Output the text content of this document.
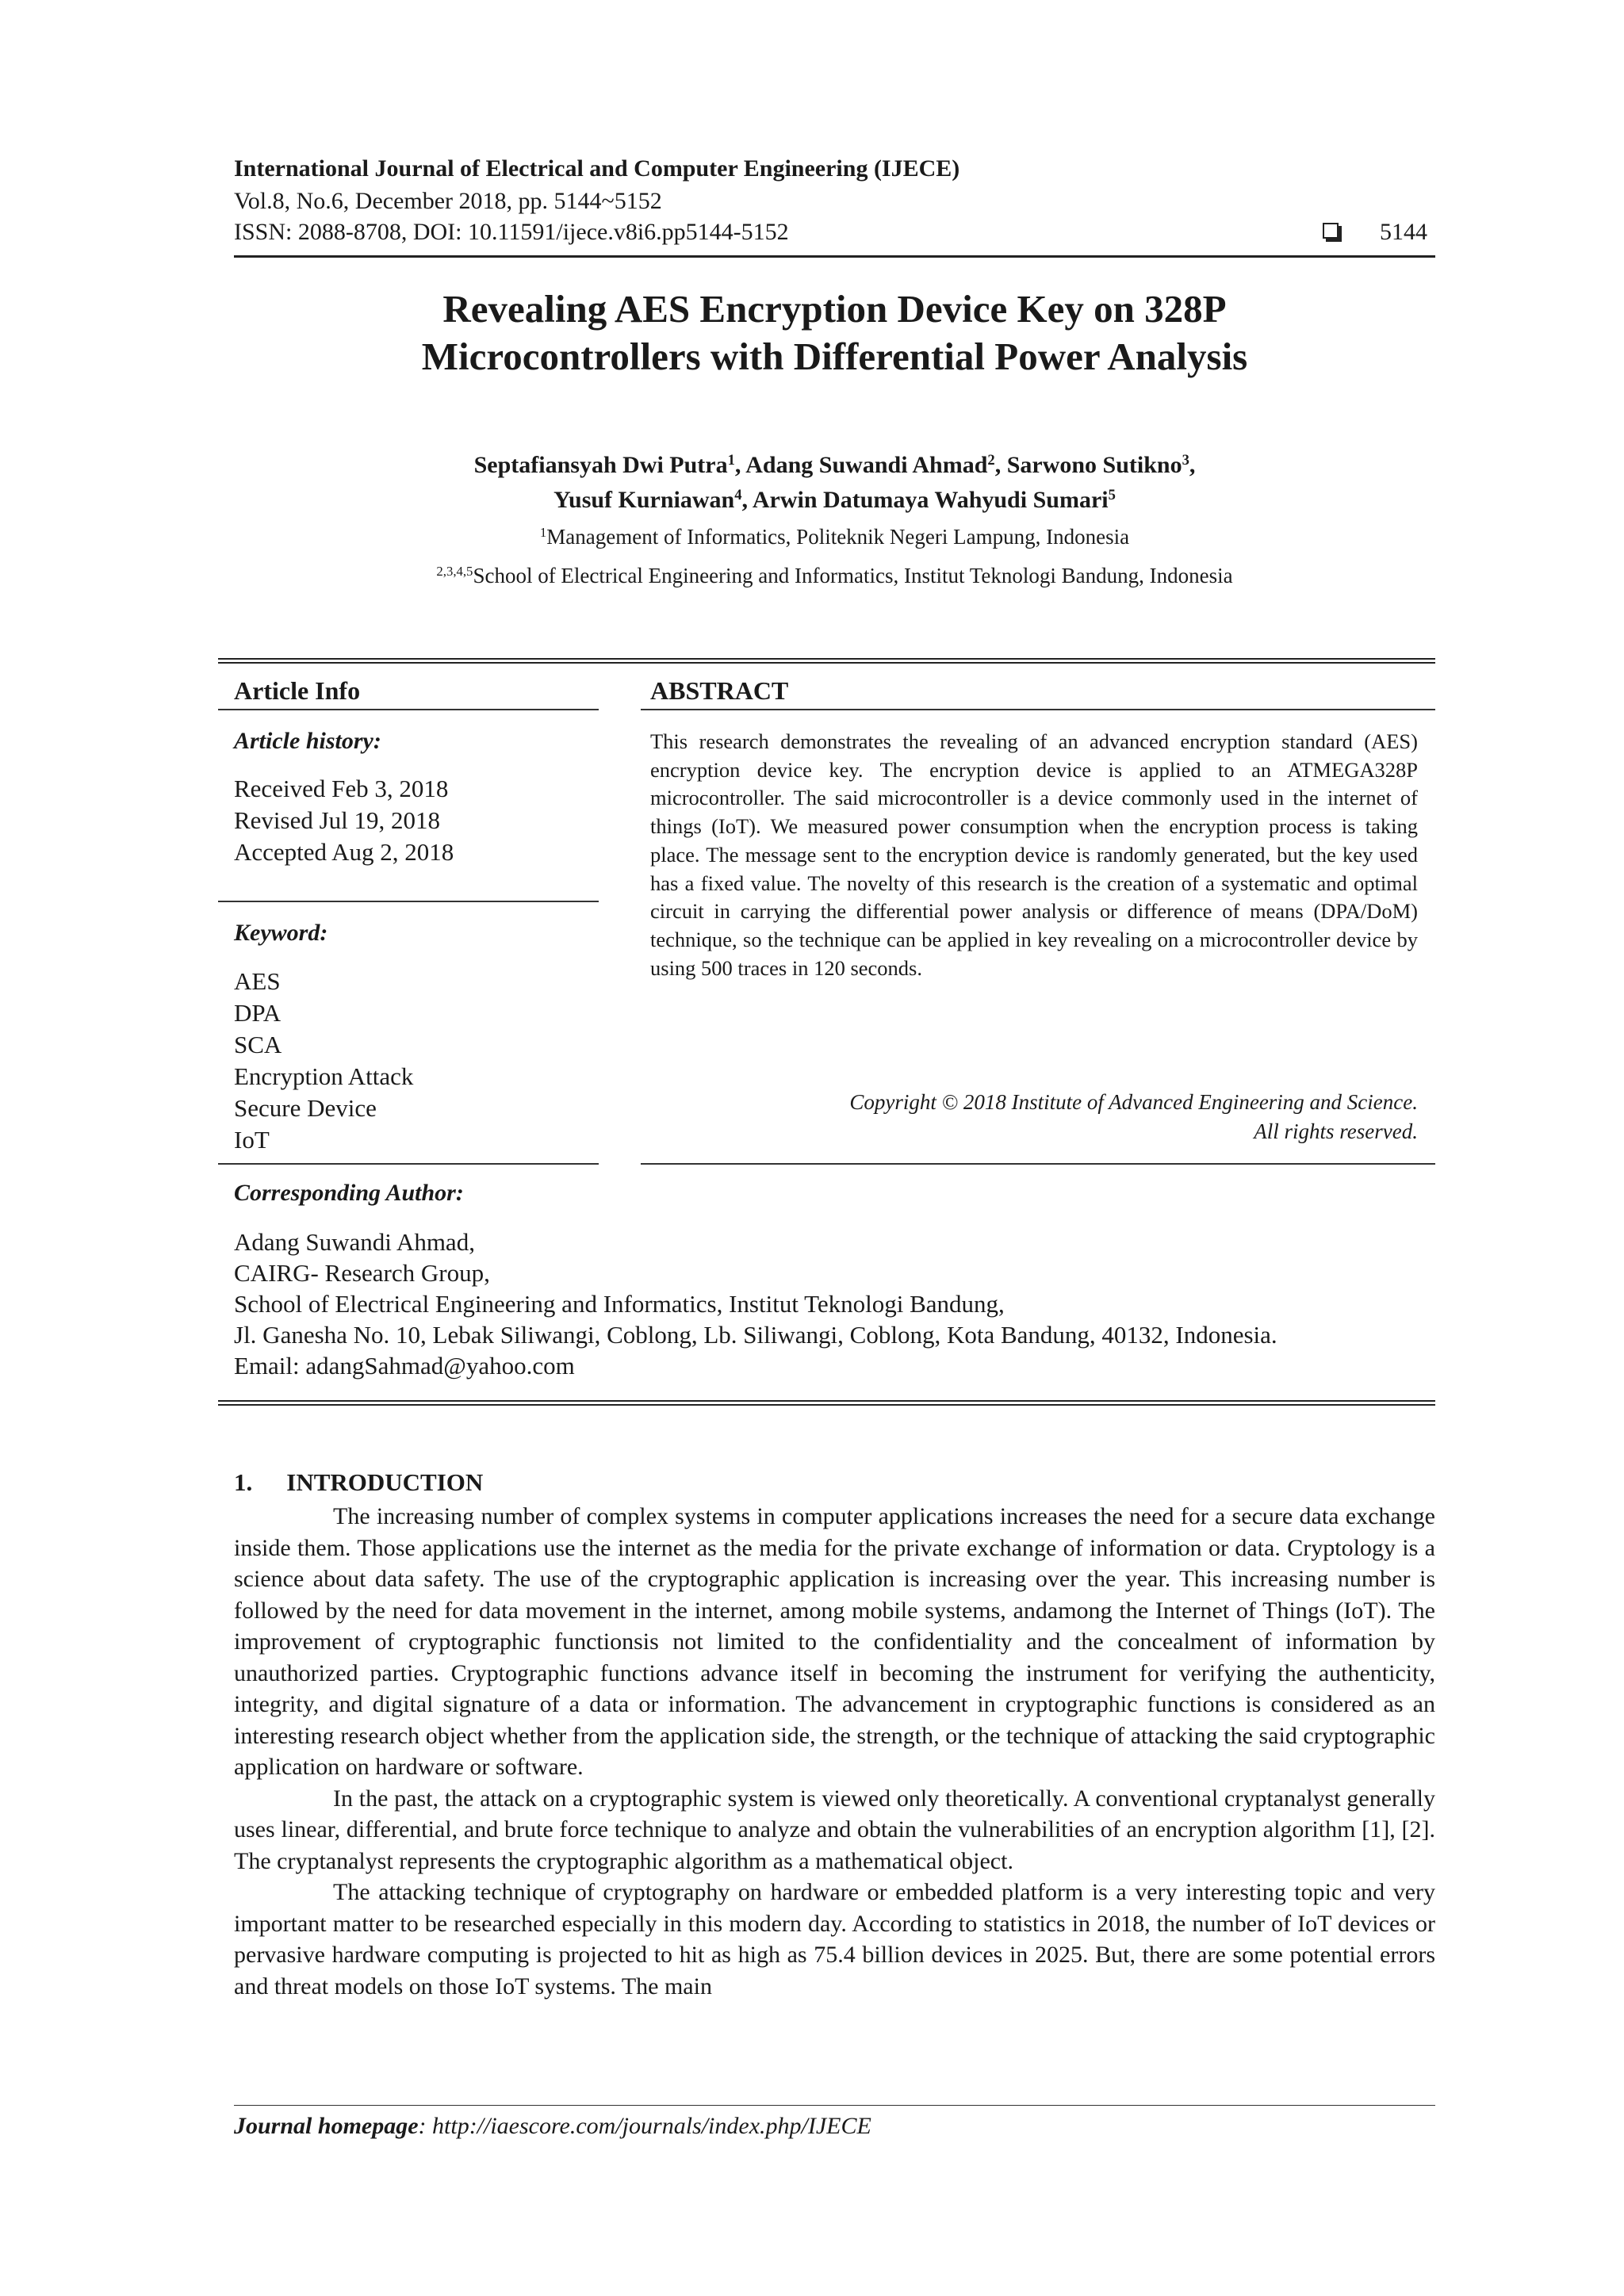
International Journal of Electrical and Computer Engineering (IJECE)
Vol.8, No.6, December 2018, pp. 5144~5152
ISSN: 2088-8708, DOI: 10.11591/ijece.v8i6.pp5144-5152	5144
Revealing AES Encryption Device Key on 328P
Microcontrollers with Differential Power Analysis
Septafiansyah Dwi Putra$^1$, Adang Suwandi Ahmad$^2$, Sarwono Sutikno$^3$,
Yusuf Kurniawan$^4$, Arwin Datumaya Wahyudi Sumari$^5$
$^1$Management of Informatics, Politeknik Negeri Lampung, Indonesia
$^{2,3,4,5}$School of Electrical Engineering and Informatics, Institut Teknologi Bandung, Indonesia
Article Info
Article history:
Received Feb 3, 2018
Revised Jul 19, 2018
Accepted Aug 2, 2018
Keyword:
AES
DPA
SCA
Encryption Attack
Secure Device
IoT
ABSTRACT
This research demonstrates the revealing of an advanced encryption standard (AES) encryption device key. The encryption device is applied to an ATMEGA328P microcontroller. The said microcontroller is a device commonly used in the internet of things (IoT). We measured power consumption when the encryption process is taking place. The message sent to the encryption device is randomly generated, but the key used has a fixed value. The novelty of this research is the creation of a systematic and optimal circuit in carrying the differential power analysis or difference of means (DPA/DoM) technique, so the technique can be applied in key revealing on a microcontroller device by using 500 traces in 120 seconds.
Copyright © 2018 Institute of Advanced Engineering and Science.
All rights reserved.
Corresponding Author:
Adang Suwandi Ahmad,
CAIRG- Research Group,
School of Electrical Engineering and Informatics, Institut Teknologi Bandung,
Jl. Ganesha No. 10, Lebak Siliwangi, Coblong, Lb. Siliwangi, Coblong, Kota Bandung, 40132, Indonesia.
Email: adangSahmad@yahoo.com
1. INTRODUCTION

The increasing number of complex systems in computer applications increases the need for a secure data exchange inside them. Those applications use the internet as the media for the private exchange of information or data. Cryptology is a science about data safety. The use of the cryptographic application is increasing over the year. This increasing number is followed by the need for data movement in the internet, among mobile systems, andamong the Internet of Things (IoT). The improvement of cryptographic functionsis not limited to the confidentiality and the concealment of information by unauthorized parties. Cryptographic functions advance itself in becoming the instrument for verifying the authenticity, integrity, and digital signature of a data or information. The advancement in cryptographic functions is considered as an interesting research object whether from the application side, the strength, or the technique of attacking the said cryptographic application on hardware or software.

In the past, the attack on a cryptographic system is viewed only theoretically. A conventional cryptanalyst generally uses linear, differential, and brute force technique to analyze and obtain the vulnerabilities of an encryption algorithm [1], [2]. The cryptanalyst represents the cryptographic algorithm as a mathematical object.

The attacking technique of cryptography on hardware or embedded platform is a very interesting topic and very important matter to be researched especially in this modern day. According to statistics in 2018, the number of IoT devices or pervasive hardware computing is projected to hit as high as 75.4 billion devices in 2025. But, there are some potential errors and threat models on those IoT systems. The main

Journal homepage: http://iaescore.com/journals/index.php/IJECE
